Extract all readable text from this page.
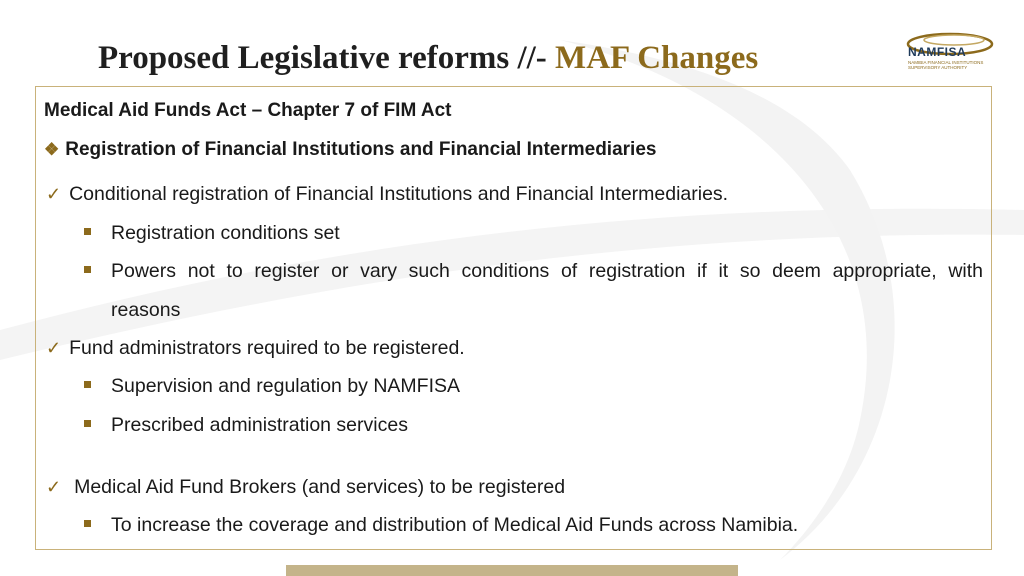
Proposed Legislative reforms //- MAF Changes	NAMFISA
NAMIBIA FINANCIAL INSTITUTIONS SUPERVISORY AUTHORITY
Medical Aid Funds Act – Chapter 7 of FIM Act
❖ Registration of Financial Institutions and Financial Intermediaries
✓ Conditional registration of Financial Institutions and Financial Intermediaries.
Registration conditions set
Powers not to register or vary such conditions of registration if it so deem appropriate, with
reasons
✓ Fund administrators required to be registered.
Supervision and regulation by NAMFISA
Prescribed administration services
✓ Medical Aid Fund Brokers (and services) to be registered
To increase the coverage and distribution of Medical Aid Funds across Namibia.
